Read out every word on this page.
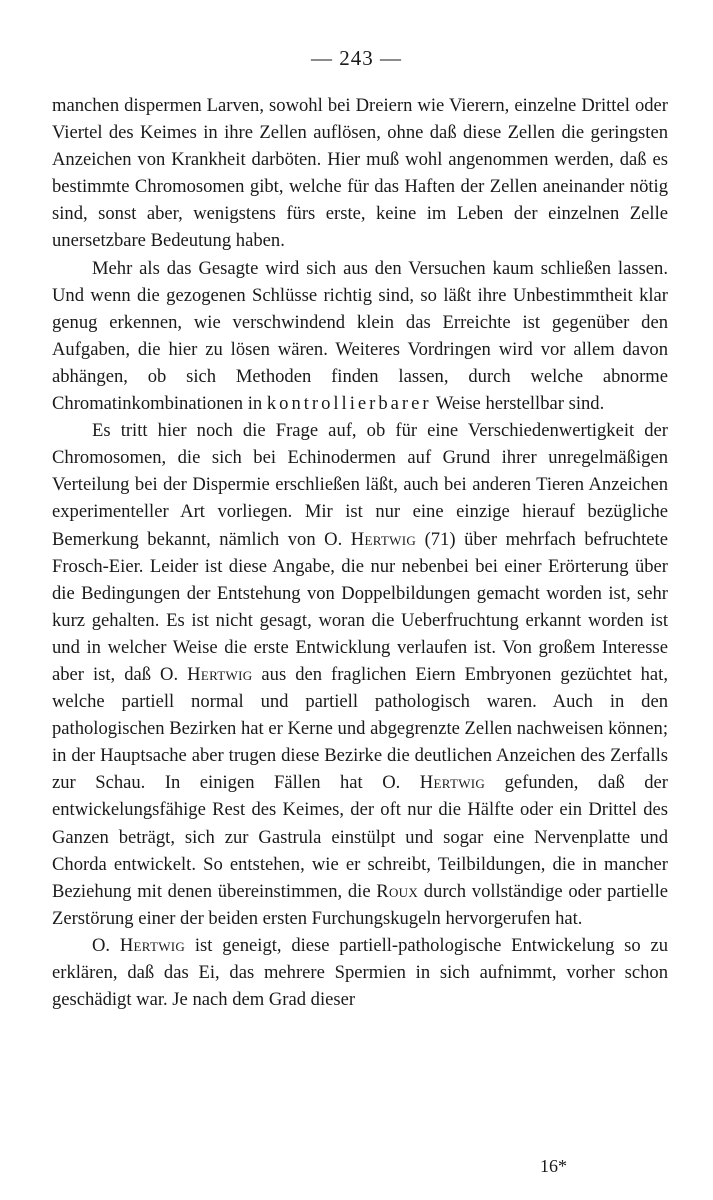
— 243 —

manchen dispermen Larven, sowohl bei Dreiern wie Vierern, einzelne Drittel oder Viertel des Keimes in ihre Zellen auflösen, ohne daß diese Zellen die geringsten Anzeichen von Krankheit darböten. Hier muß wohl angenommen werden, daß es bestimmte Chromosomen gibt, welche für das Haften der Zellen aneinander nötig sind, sonst aber, wenigstens fürs erste, keine im Leben der einzelnen Zelle unersetzbare Bedeutung haben.

Mehr als das Gesagte wird sich aus den Versuchen kaum schließen lassen. Und wenn die gezogenen Schlüsse richtig sind, so läßt ihre Unbestimmtheit klar genug erkennen, wie verschwindend klein das Erreichte ist gegenüber den Aufgaben, die hier zu lösen wären. Weiteres Vordringen wird vor allem davon abhängen, ob sich Methoden finden lassen, durch welche abnorme Chromatinkombinationen in kontrollierbarer Weise herstellbar sind.

Es tritt hier noch die Frage auf, ob für eine Verschiedenwertigkeit der Chromosomen, die sich bei Echinodermen auf Grund ihrer unregelmäßigen Verteilung bei der Dispermie erschließen läßt, auch bei anderen Tieren Anzeichen experimenteller Art vorliegen. Mir ist nur eine einzige hierauf bezügliche Bemerkung bekannt, nämlich von O. Hertwig (71) über mehrfach befruchtete Frosch-Eier. Leider ist diese Angabe, die nur nebenbei bei einer Erörterung über die Bedingungen der Entstehung von Doppelbildungen gemacht worden ist, sehr kurz gehalten. Es ist nicht gesagt, woran die Ueberfruchtung erkannt worden ist und in welcher Weise die erste Entwicklung verlaufen ist. Von großem Interesse aber ist, daß O. Hertwig aus den fraglichen Eiern Embryonen gezüchtet hat, welche partiell normal und partiell pathologisch waren. Auch in den pathologischen Bezirken hat er Kerne und abgegrenzte Zellen nachweisen können; in der Hauptsache aber trugen diese Bezirke die deutlichen Anzeichen des Zerfalls zur Schau. In einigen Fällen hat O. Hertwig gefunden, daß der entwickelungsfähige Rest des Keimes, der oft nur die Hälfte oder ein Drittel des Ganzen beträgt, sich zur Gastrula einstülpt und sogar eine Nervenplatte und Chorda entwickelt. So entstehen, wie er schreibt, Teilbildungen, die in mancher Beziehung mit denen übereinstimmen, die Roux durch vollständige oder partielle Zerstörung einer der beiden ersten Furchungskugeln hervorgerufen hat.

O. Hertwig ist geneigt, diese partiell-pathologische Entwickelung so zu erklären, daß das Ei, das mehrere Spermien in sich aufnimmt, vorher schon geschädigt war. Je nach dem Grad dieser

16*
